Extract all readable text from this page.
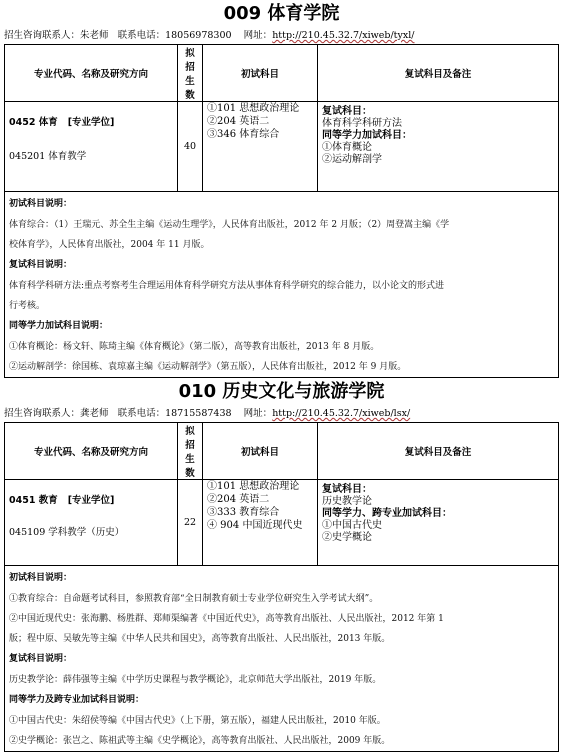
009 体育学院
招生咨询联系人：朱老师 联系电话：18056978300 网址：http://210.45.32.7/xiweb/tyxl/
专业代码、名称及研究方向	拟招生数	初试科目	复试科目及备注

0452 体育 [专业学位]
045201 体育教学	40	①101 思想政治理论
②204 英语二
③346 体育综合	复试科目：
体育科学科研方法
同等学力加试科目：
①体育概论
②运动解剖学
初试科目说明：
体育综合：（1）王瑞元、苏全生主编《运动生理学》，人民体育出版社，2012 年 2 月版；（2）周登嵩主编《学
校体育学》，人民体育出版社，2004 年 11 月版。
复试科目说明：
体育科学科研方法:重点考察考生合理运用体育科学研究方法从事体育科学研究的综合能力，以小论文的形式进
行考核。
同等学力加试科目说明：
①体育概论：杨文轩、陈琦主编《体育概论》（第二版），高等教育出版社，2013 年 8 月版。
②运动解剖学：徐国栋、袁琼嘉主编《运动解剖学》（第五版），人民体育出版社，2012 年 9 月版。
010 历史文化与旅游学院
招生咨询联系人：龚老师 联系电话：18715587438 网址：http://210.45.32.7/xiweb/lsx/
专业代码、名称及研究方向	拟招生数	初试科目	复试科目及备注

0451 教育 [专业学位]
045109 学科教学（历史）	22	①101 思想政治理论
②204 英语二
③333 教育综合
④ 904 中国近现代史	复试科目：
历史教学论
同等学力、跨专业加试科目：
①中国古代史
②史学概论
初试科目说明：
①教育综合：自命题考试科目，参照教育部“全日制教育硕士专业学位研究生入学考试大纲”。
②中国近现代史：张海鹏、杨胜群、郑师渠编著《中国近代史》，高等教育出版社、人民出版社，2012 年第 1
版；程中原、吴敏先等主编《中华人民共和国史》，高等教育出版社、人民出版社，2013 年版。
复试科目说明：
历史教学论：薛伟强等主编《中学历史课程与教学概论》，北京师范大学出版社，2019 年版。
同等学力及跨专业加试科目说明：
①中国古代史：朱绍侯等编《中国古代史》（上下册，第五版），福建人民出版社，2010 年版。
②史学概论：张岂之、陈祖武等主编《史学概论》，高等教育出版社、人民出版社，2009 年版。
